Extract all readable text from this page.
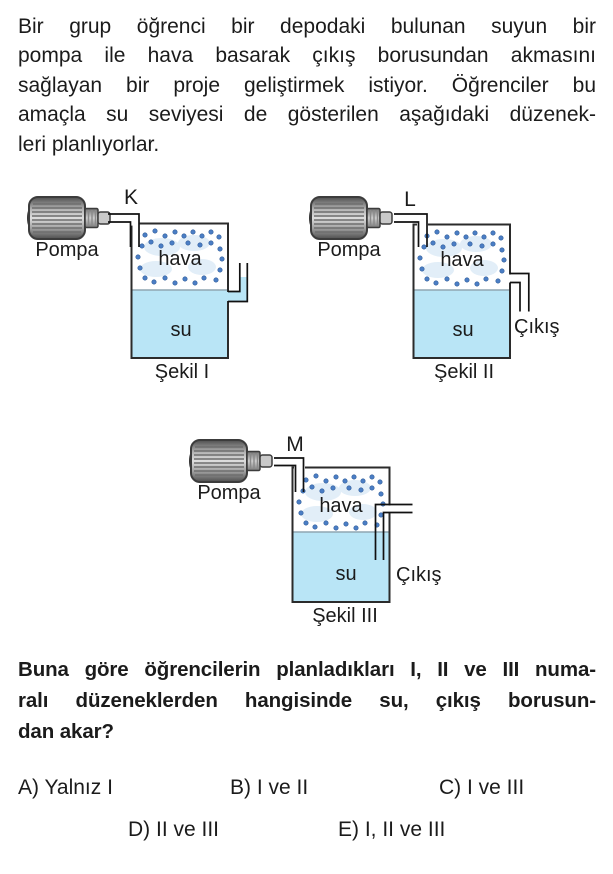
Bir grup öğrenci bir depodaki bulunan suyun bir
pompa ile hava basarak çıkış borusundan akmasını
sağlayan bir proje geliştirmek istiyor. Öğrenciler bu
amaçla su seviyesi de gösterilen aşağıdaki düzenek-
leri planlıyorlar.
K
Pompa	hava
su
Şekil I
L
Pompa	hava
su Çıkış
Şekil II
M
Pompa
hava
su Çıkış
Şekil III
Buna göre öğrencilerin planladıkları I, II ve III numa-
ralı düzeneklerden hangisinde su, çıkış borusun-
dan akar?
A) Yalnız I	B) I ve II	C) I ve III
D) II ve III	E) I, II ve III
